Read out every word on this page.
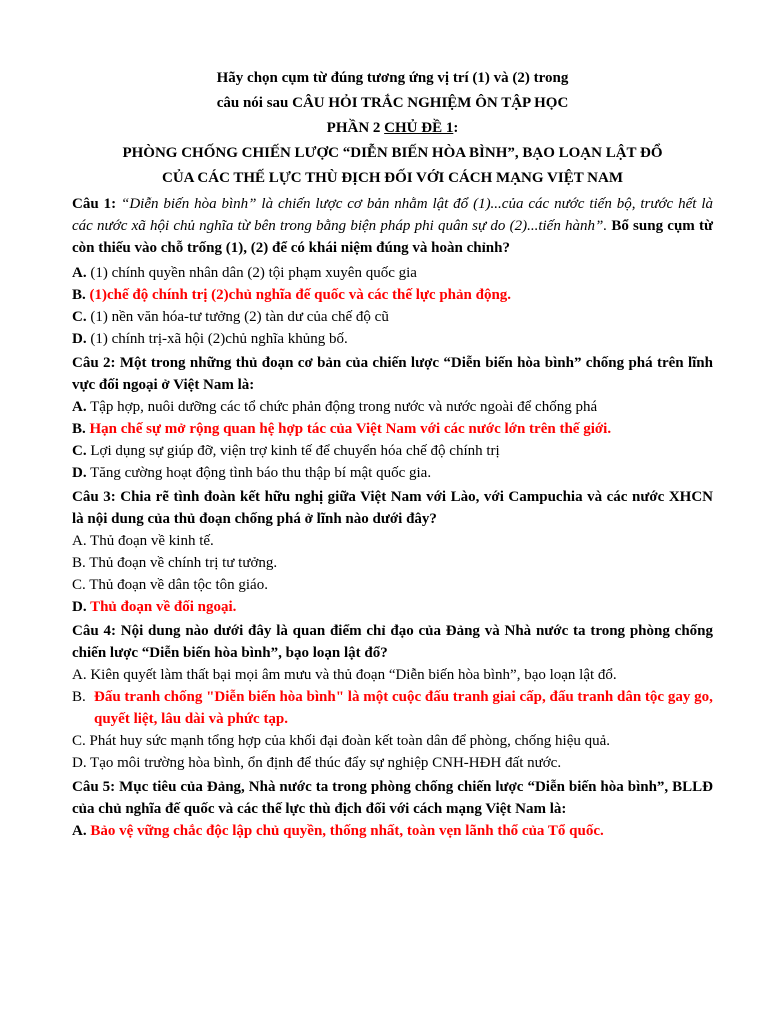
Hãy chọn cụm từ đúng tương ứng vị trí (1) và (2) trong
câu nói sau CÂU HỎI TRẮC NGHIỆM ÔN TẬP HỌC
PHẦN 2 CHỦ ĐỀ 1:
PHÒNG CHỐNG CHIẾN LƯỢC “DIỄN BIẾN HÒA BÌNH”, BẠO LOẠN LẬT ĐỔ
CỦA CÁC THẾ LỰC THÙ ĐỊCH ĐỐI VỚI CÁCH MẠNG VIỆT NAM

Câu 1: “Diễn biến hòa bình” là chiến lược cơ bản nhằm lật đổ (1)...của các nước tiến bộ, trước hết là các nước xã hội chủ nghĩa từ bên trong bằng biện pháp phi quân sự do (2)...tiến hành”. Bổ sung cụm từ còn thiếu vào chỗ trống (1), (2) để có khái niệm đúng và hoàn chỉnh?

A. (1) chính quyền nhân dân (2) tội phạm xuyên quốc gia

B. (1)chế độ chính trị (2)chủ nghĩa đế quốc và các thế lực phản động.

C. (1) nền văn hóa-tư tưởng (2) tàn dư của chế độ cũ

D. (1) chính trị-xã hội (2)chủ nghĩa khủng bố.

Câu 2: Một trong những thủ đoạn cơ bản của chiến lược “Diễn biến hòa bình” chống phá trên lĩnh vực đối ngoại ở Việt Nam là:

A. Tập hợp, nuôi dưỡng các tổ chức phản động trong nước và nước ngoài để chống phá

B. Hạn chế sự mở rộng quan hệ hợp tác của Việt Nam với các nước lớn trên thế giới.

C. Lợi dụng sự giúp đỡ, viện trợ kinh tế để chuyển hóa chế độ chính trị

D. Tăng cường hoạt động tình báo thu thập bí mật quốc gia.

Câu 3: Chia rẽ tình đoàn kết hữu nghị giữa Việt Nam với Lào, với Campuchia và các nước XHCN là nội dung của thủ đoạn chống phá ở lĩnh nào dưới đây?

A. Thủ đoạn về kinh tế.

B. Thủ đoạn về chính trị tư tưởng.

C. Thủ đoạn về dân tộc tôn giáo.

D. Thủ đoạn về đối ngoại.

Câu 4: Nội dung nào dưới đây là quan điểm chỉ đạo của Đảng và Nhà nước ta trong phòng chống chiến lược “Diễn biến hòa bình”, bạo loạn lật đổ?

A. Kiên quyết làm thất bại mọi âm mưu và thủ đoạn “Diễn biến hòa bình”, bạo loạn lật đổ.

B. Đấu tranh chống "Diễn biến hòa bình" là một cuộc đấu tranh giai cấp, đấu tranh dân tộc gay go, quyết liệt, lâu dài và phức tạp.

C. Phát huy sức mạnh tổng hợp của khối đại đoàn kết toàn dân để phòng, chống hiệu quả.

D. Tạo môi trường hòa bình, ổn định để thúc đẩy sự nghiệp CNH-HĐH đất nước.

Câu 5: Mục tiêu của Đảng, Nhà nước ta trong phòng chống chiến lược “Diễn biến hòa bình”, BLLĐ của chủ nghĩa đế quốc và các thế lực thù địch đối với cách mạng Việt Nam là:

A. Bảo vệ vững chắc độc lập chủ quyền, thống nhất, toàn vẹn lãnh thổ của Tổ quốc.
